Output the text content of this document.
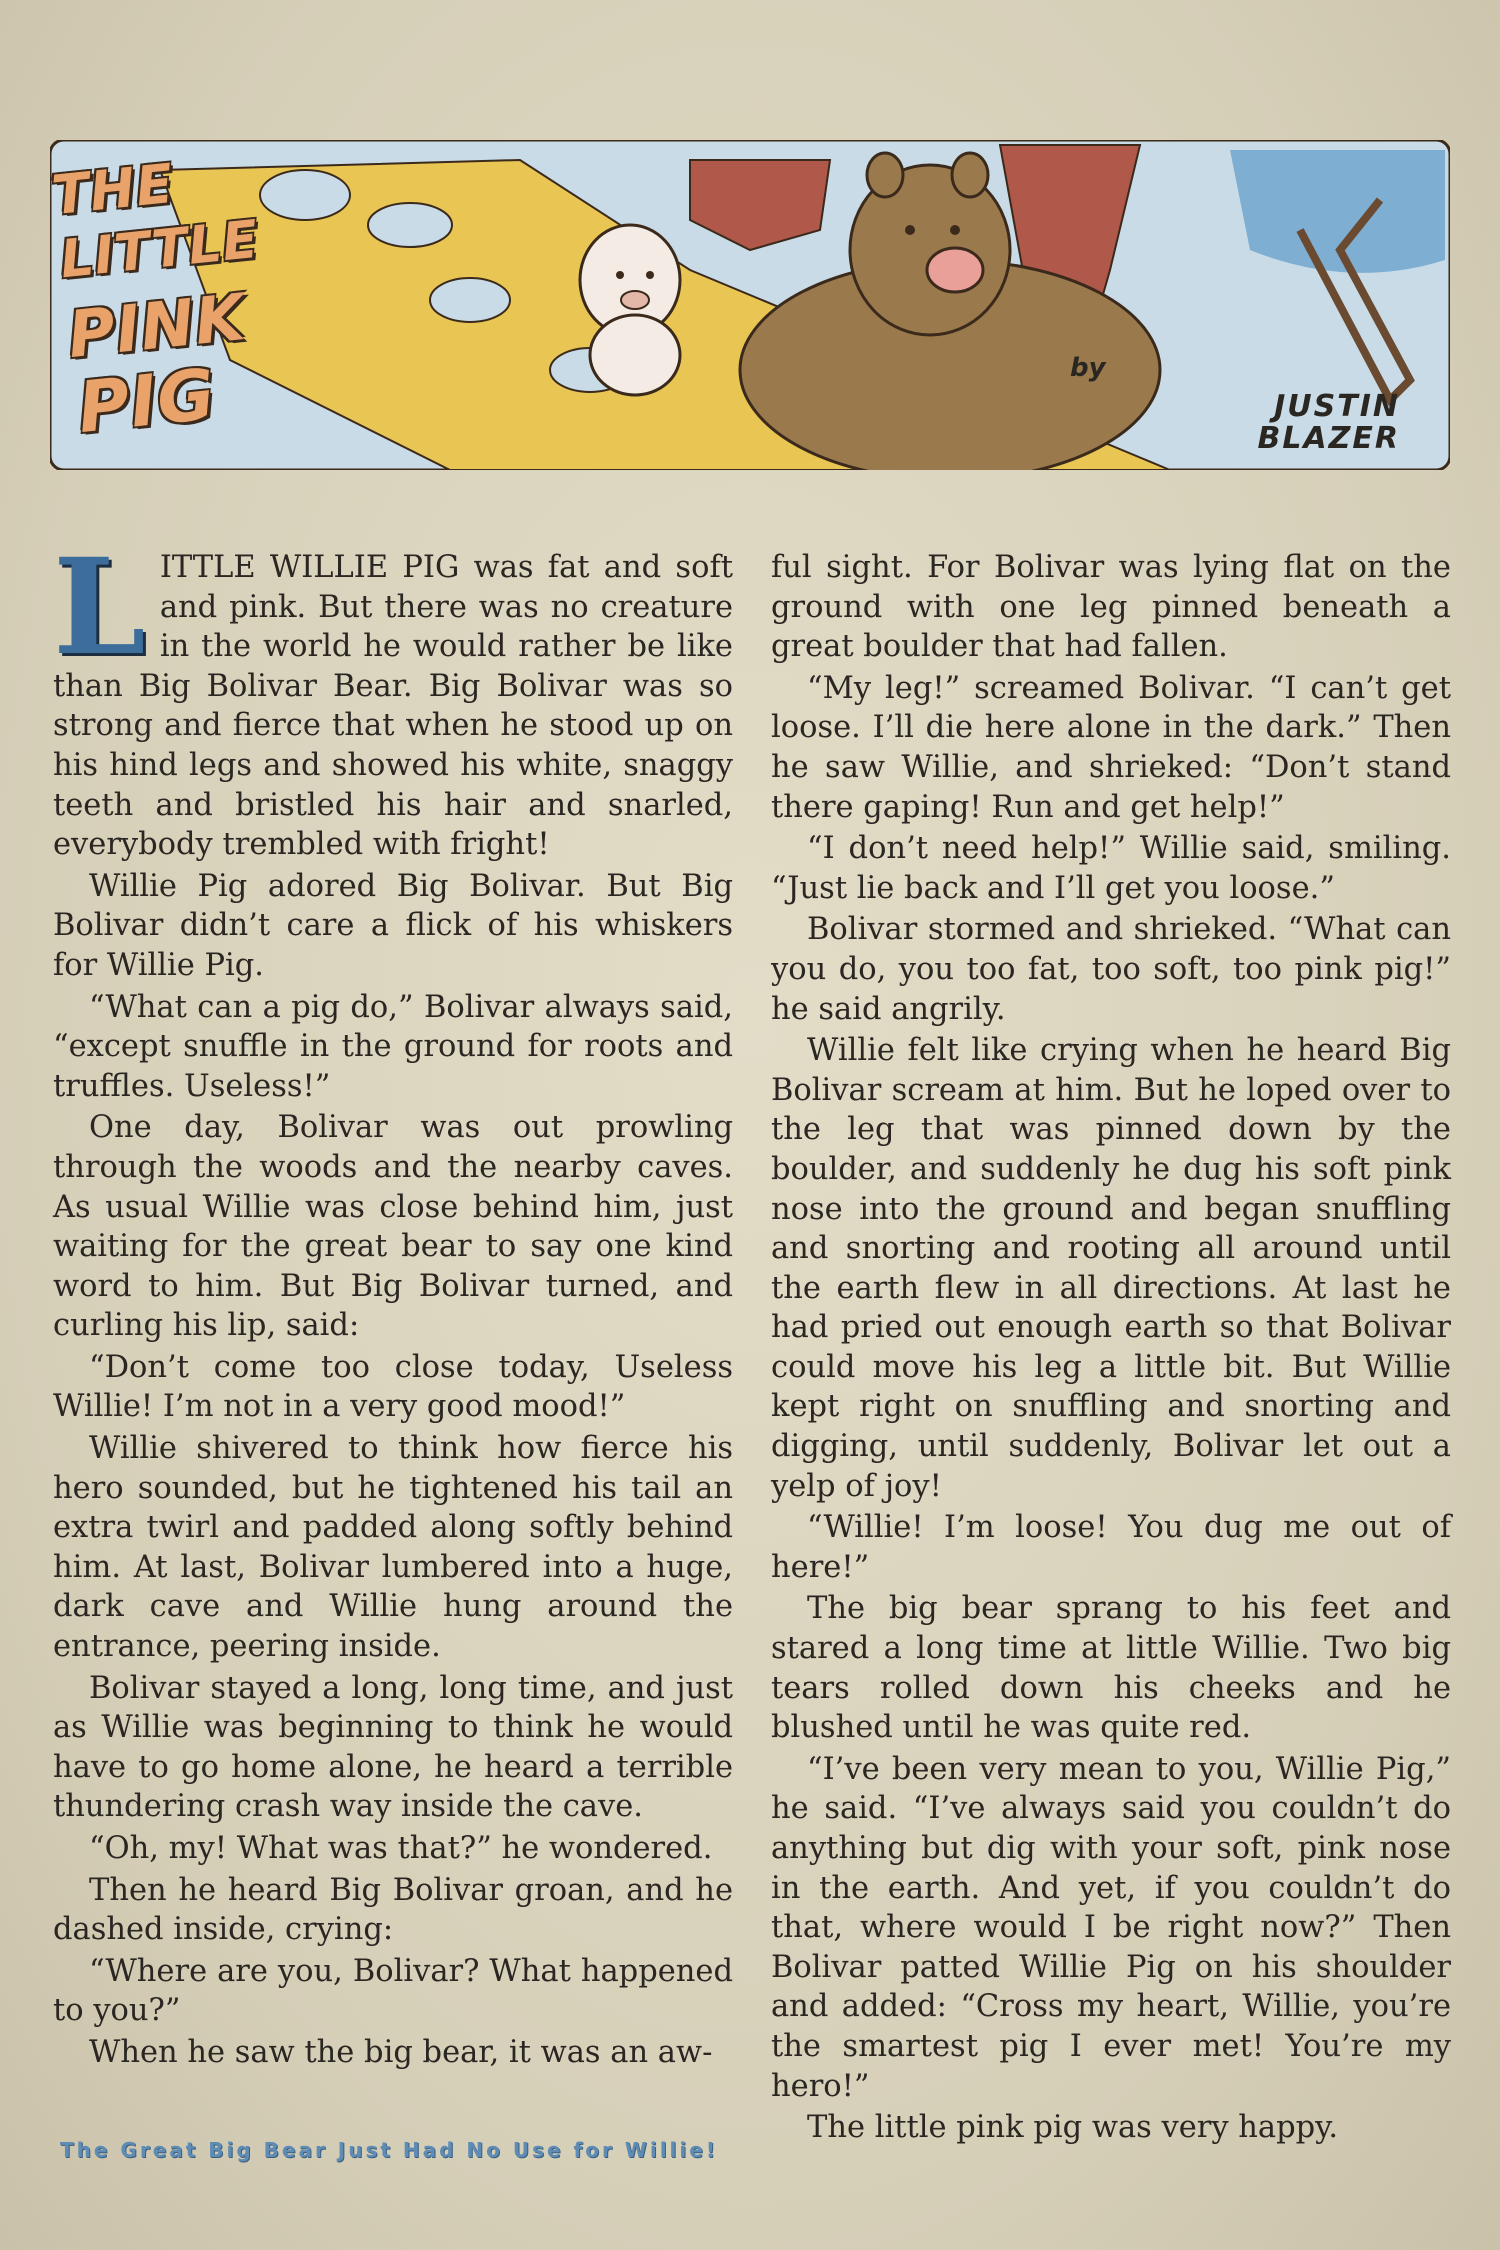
THE
LITTLE
PINK
PIG	by
JUSTIN
BLAZER

LITTLE WILLIE PIG was fat and soft and pink. But there was no creature in the world he would rather be like than Big Bolivar Bear. Big Bolivar was so strong and fierce that when he stood up on his hind legs and showed his white, snaggy teeth and bristled his hair and snarled, everybody trembled with fright!

Willie Pig adored Big Bolivar. But Big Bolivar didn’t care a flick of his whiskers for Willie Pig.

“What can a pig do,” Bolivar always said, “except snuffle in the ground for roots and truffles. Useless!”

One day, Bolivar was out prowling through the woods and the nearby caves. As usual Willie was close behind him, just waiting for the great bear to say one kind word to him. But Big Bolivar turned, and curling his lip, said:

“Don’t come too close today, Useless Willie! I’m not in a very good mood!”

Willie shivered to think how fierce his hero sounded, but he tightened his tail an extra twirl and padded along softly behind him. At last, Bolivar lumbered into a huge, dark cave and Willie hung around the entrance, peering inside.

Bolivar stayed a long, long time, and just as Willie was beginning to think he would have to go home alone, he heard a terrible thundering crash way inside the cave.

“Oh, my! What was that?” he wondered.

Then he heard Big Bolivar groan, and he dashed inside, crying:

“Where are you, Bolivar? What happened to you?”

When he saw the big bear, it was an aw-

ful sight. For Bolivar was lying flat on the ground with one leg pinned beneath a great boulder that had fallen.

“My leg!” screamed Bolivar. “I can’t get loose. I’ll die here alone in the dark.” Then he saw Willie, and shrieked: “Don’t stand there gaping! Run and get help!”

“I don’t need help!” Willie said, smiling. “Just lie back and I’ll get you loose.”

Bolivar stormed and shrieked. “What can you do, you too fat, too soft, too pink pig!” he said angrily.

Willie felt like crying when he heard Big Bolivar scream at him. But he loped over to the leg that was pinned down by the boulder, and suddenly he dug his soft pink nose into the ground and began snuffling and snorting and rooting all around until the earth flew in all directions. At last he had pried out enough earth so that Bolivar could move his leg a little bit. But Willie kept right on snuffling and snorting and digging, until suddenly, Bolivar let out a yelp of joy!

“Willie! I’m loose! You dug me out of here!”

The big bear sprang to his feet and stared a long time at little Willie. Two big tears rolled down his cheeks and he blushed until he was quite red.

“I’ve been very mean to you, Willie Pig,” he said. “I’ve always said you couldn’t do anything but dig with your soft, pink nose in the earth. And yet, if you couldn’t do that, where would I be right now?” Then Bolivar patted Willie Pig on his shoulder and added: “Cross my heart, Willie, you’re the smartest pig I ever met! You’re my hero!”

The little pink pig was very happy.

The Great Big Bear Just Had No Use for Willie!
